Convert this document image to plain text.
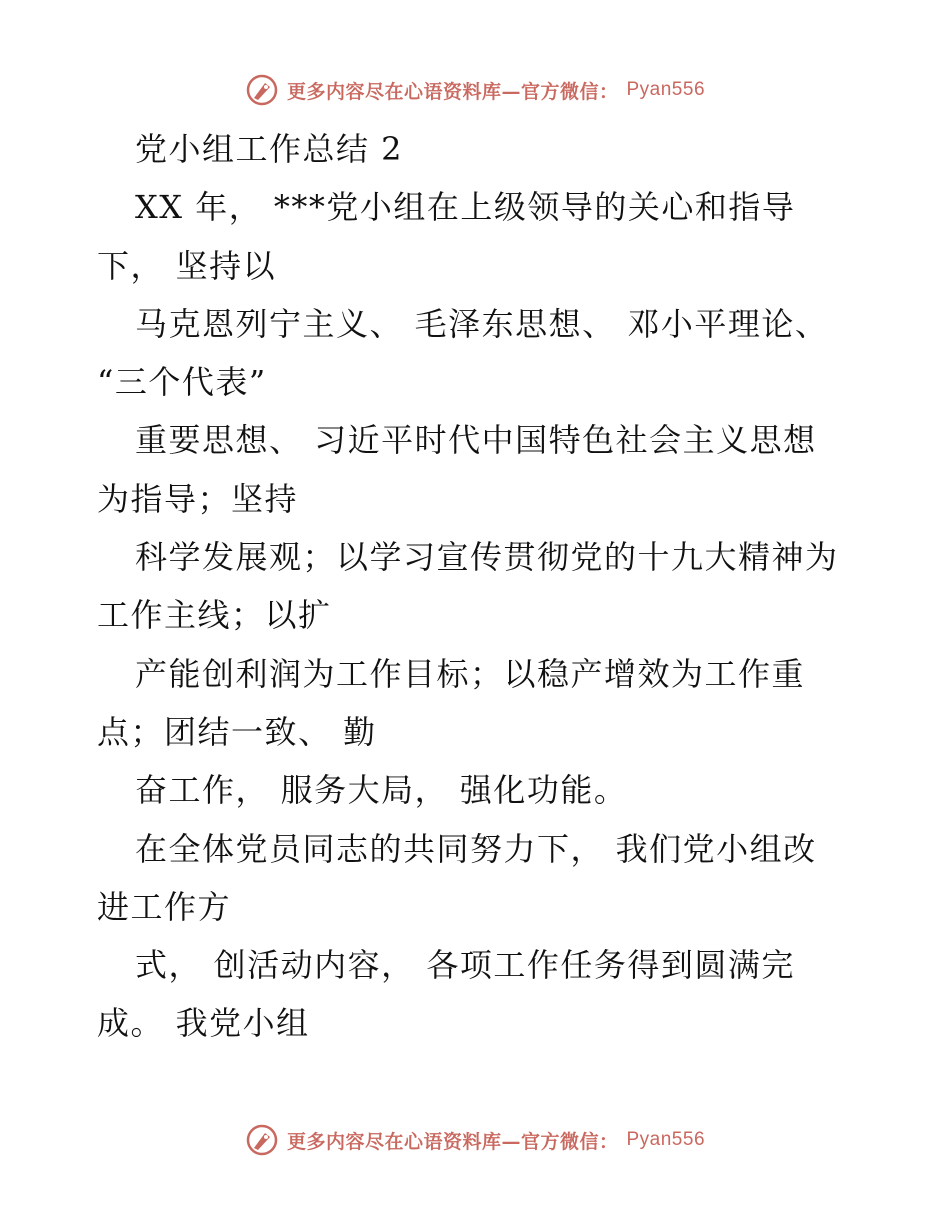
更多内容尽在心语资料库—官方微信： Pyan556
党小组工作总结 2
XX 年， ***党小组在上级领导的关心和指导
下， 坚持以
马克恩列宁主义、 毛泽东思想、 邓小平理论、
“三个代表”
重要思想、 习近平时代中国特色社会主义思想
为指导；坚持
科学发展观；以学习宣传贯彻党的十九大精神为
工作主线；以扩
产能创利润为工作目标；以稳产增效为工作重
点；团结一致、 勤
奋工作， 服务大局， 强化功能。
在全体党员同志的共同努力下， 我们党小组改
进工作方
式， 创活动内容， 各项工作任务得到圆满完
成。 我党小组
更多内容尽在心语资料库—官方微信： Pyan556
